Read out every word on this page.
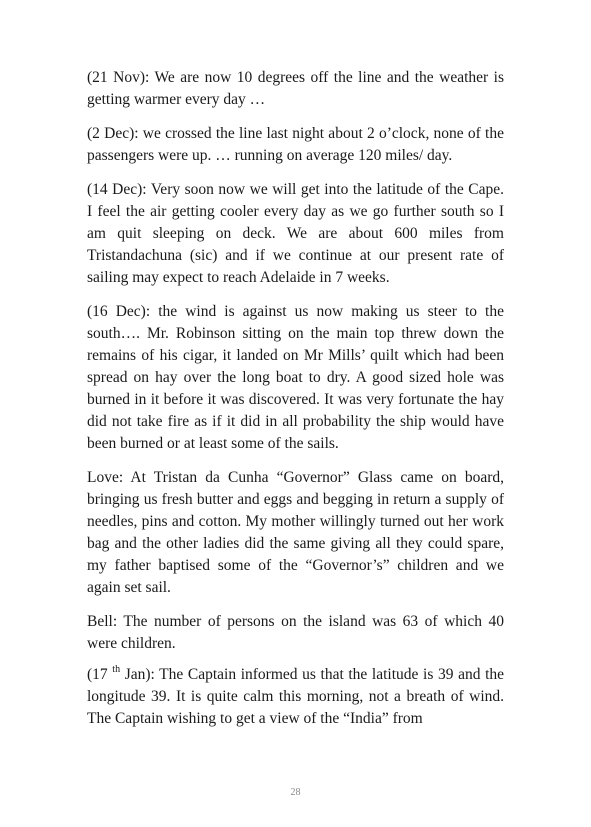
(21 Nov): We are now 10 degrees off the line and the weather is getting warmer every day …

(2 Dec): we crossed the line last night about 2 o’clock, none of the passengers were up. … running on average 120 miles/ day.

(14 Dec): Very soon now we will get into the latitude of the Cape. I feel the air getting cooler every day as we go further south so I am quit sleeping on deck. We are about 600 miles from Tristandachuna (sic) and if we continue at our present rate of sailing may expect to reach Adelaide in 7 weeks.

(16 Dec): the wind is against us now making us steer to the south…. Mr. Robinson sitting on the main top threw down the remains of his cigar, it landed on Mr Mills’ quilt which had been spread on hay over the long boat to dry. A good sized hole was burned in it before it was discovered. It was very fortunate the hay did not take fire as if it did in all probability the ship would have been burned or at least some of the sails.

Love: At Tristan da Cunha “Governor” Glass came on board, bringing us fresh butter and eggs and begging in return a supply of needles, pins and cotton. My mother willingly turned out her work bag and the other ladies did the same giving all they could spare, my father baptised some of the “Governor’s” children and we again set sail.

Bell: The number of persons on the island was 63 of which 40 were children.

(17 $^{th}$ Jan): The Captain informed us that the latitude is 39 and the longitude 39. It is quite calm this morning, not a breath of wind. The Captain wishing to get a view of the “India” from

28
